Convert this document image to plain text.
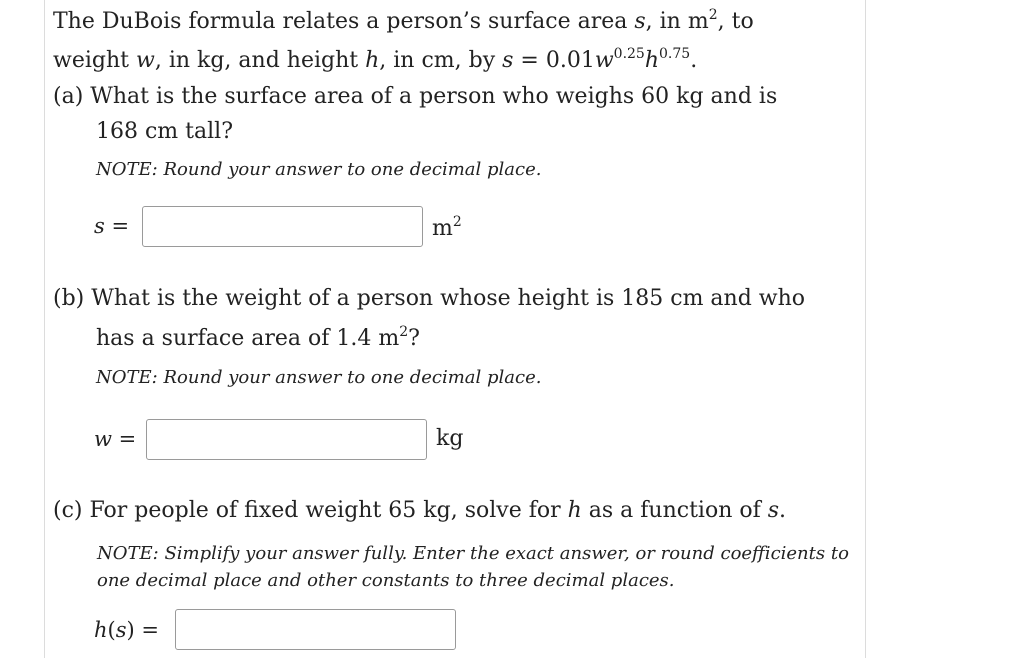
The DuBois formula relates a person’s surface area s, in $m^2$, to
weight w, in kg, and height h, in cm, by $s = 0.01w^{0.25}h^{0.75}$.
(a) What is the surface area of a person who weighs 60 kg and is
168 cm tall?
NOTE: Round your answer to one decimal place.
s =	$m^2$
(b) What is the weight of a person whose height is 185 cm and who
has a surface area of 1.4 $m^2$?
NOTE: Round your answer to one decimal place.
w =	kg
(c) For people of fixed weight 65 kg, solve for h as a function of s.
NOTE: Simplify your answer fully. Enter the exact answer, or round coefficients to
one decimal place and other constants to three decimal places.
h(s) =
